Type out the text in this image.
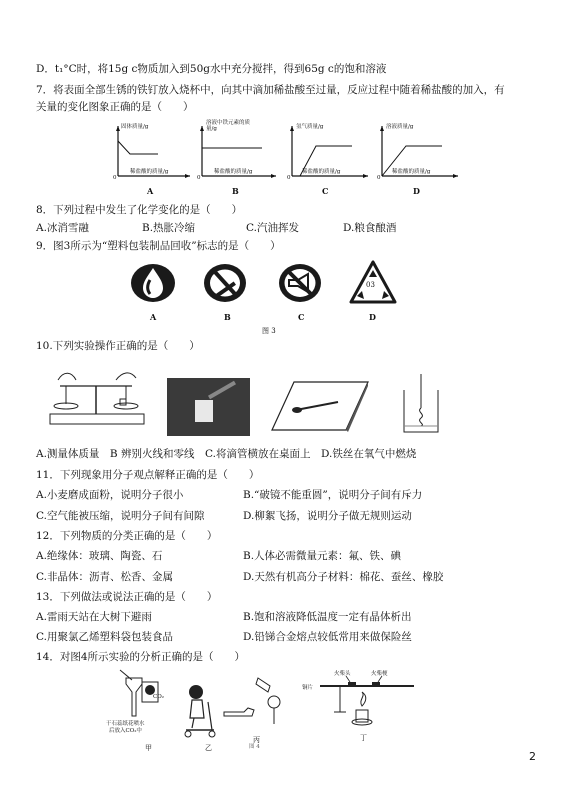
D．t₁°C时，将15g c物质加入到50g水中充分搅拌，得到65g c的饱和溶液
7．将表面全部生锈的铁钉放入烧杯中，向其中滴加稀盐酸至过量，反应过程中随着稀盐酸的加入，有
关量的变化图象正确的是（　　）
固体质量/g
稀盐酸的质量/g
0
A
溶液中铁元素的质量/g
稀盐酸的质量/g
0
B
氢气质量/g
稀盐酸的质量/g
0
C
溶液质量/g
稀盐酸的质量/g
0
D
8．下列过程中发生了化学变化的是（　　）
A.冰消雪融	B.热胀冷缩	C.汽油挥发	D.粮食酿酒
9．图3所示为“塑料包装制品回收”标志的是（　　）
A	B	C
03
D
图 3
10.下列实验操作正确的是（　　）
A.测量体质量　B 辨别火线和零线　C.将滴管横放在桌面上　D.铁丝在氧气中燃烧
11．下列现象用分子观点解释正确的是（　　）
A.小麦磨成面粉，说明分子很小	B.“破镜不能重圆”，说明分子间有斥力
C.空气能被压缩，说明分子间有间隙	D.柳絮飞扬，说明分子做无规则运动
12．下列物质的分类正确的是（　　）
A.绝缘体：玻璃、陶瓷、石	B.人体必需微量元素：氟、铁、碘
C.非晶体：沥青、松香、金属	D.天然有机高分子材料：棉花、蚕丝、橡胶
13．下列做法或说法正确的是（　　）
A.雷雨天站在大树下避雨	B.饱和溶液降低温度一定有晶体析出
C.用聚氯乙烯塑料袋包装食品	D.铅锑合金熔点较低常用来做保险丝
14．对图4所示实验的分析正确的是（　　）
CO₂
干石蕊纸花喷水
后放入CO₂中
甲	乙
丙
图 4
火柴头	火柴梗
铜片
丁
2
